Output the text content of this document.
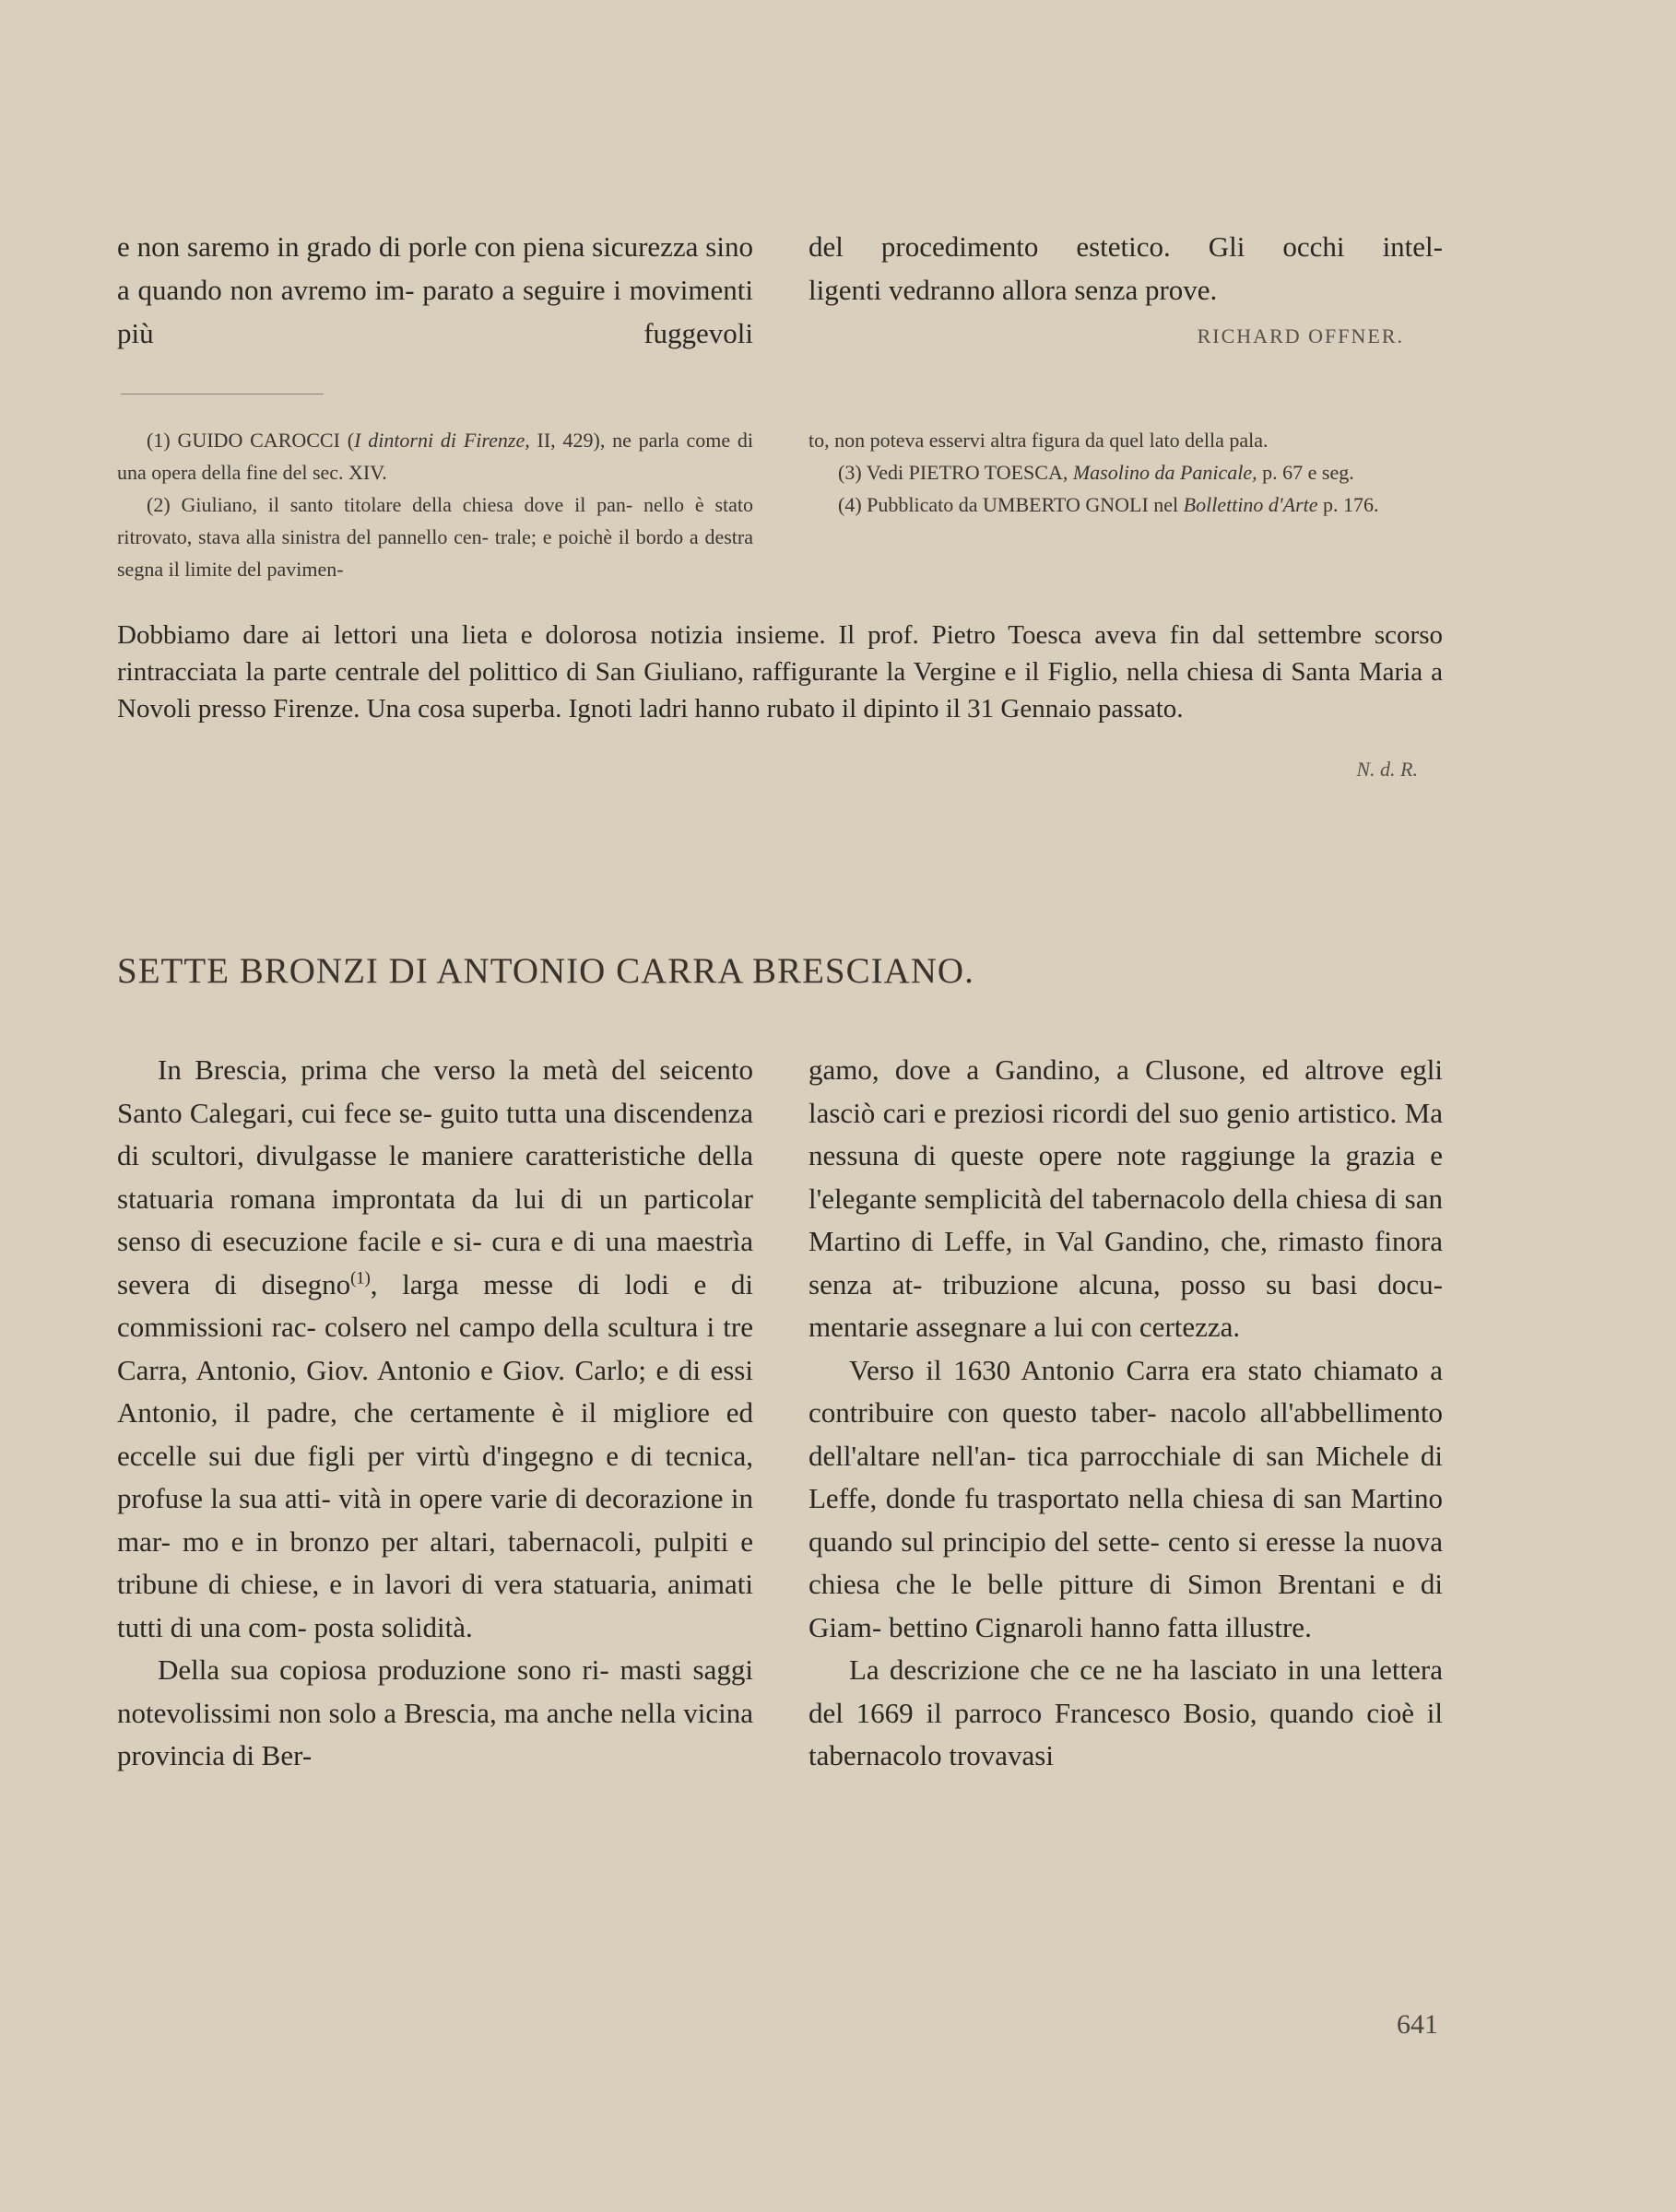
e non saremo in grado di porle con piena sicurezza sino a quando non avremo im- parato a seguire i movimenti più fuggevoli

del procedimento estetico. Gli occhi intel-

ligenti vedranno allora senza prove.

RICHARD OFFNER.

(1) GUIDO CAROCCI (I dintorni di Firenze, II, 429), ne parla come di una opera della fine del sec. XIV.

(2) Giuliano, il santo titolare della chiesa dove il pan- nello è stato ritrovato, stava alla sinistra del pannello cen- trale; e poichè il bordo a destra segna il limite del pavimen-

to, non poteva esservi altra figura da quel lato della pala.

(3) Vedi PIETRO TOESCA, Masolino da Panicale, p. 67 e seg.

(4) Pubblicato da UMBERTO GNOLI nel Bollettino d'Arte p. 176.

Dobbiamo dare ai lettori una lieta e dolorosa notizia insieme. Il prof. Pietro Toesca aveva fin dal settembre scorso rintracciata la parte centrale del polittico di San Giuliano, raffigurante la Vergine e il Figlio, nella chiesa di Santa Maria a Novoli presso Firenze. Una cosa superba. Ignoti ladri hanno rubato il dipinto il 31 Gennaio passato.
N. d. R.
SETTE BRONZI DI ANTONIO CARRA BRESCIANO.

In Brescia, prima che verso la metà del seicento Santo Calegari, cui fece se- guito tutta una discendenza di scultori, divulgasse le maniere caratteristiche della statuaria romana improntata da lui di un particolar senso di esecuzione facile e si- cura e di una maestrìa severa di disegno$^{(1)}$, larga messe di lodi e di commissioni rac- colsero nel campo della scultura i tre Carra, Antonio, Giov. Antonio e Giov. Carlo; e di essi Antonio, il padre, che certamente è il migliore ed eccelle sui due figli per virtù d'ingegno e di tecnica, profuse la sua atti- vità in opere varie di decorazione in mar- mo e in bronzo per altari, tabernacoli, pulpiti e tribune di chiese, e in lavori di vera statuaria, animati tutti di una com- posta solidità.

Della sua copiosa produzione sono ri- masti saggi notevolissimi non solo a Brescia, ma anche nella vicina provincia di Ber-

gamo, dove a Gandino, a Clusone, ed altrove egli lasciò cari e preziosi ricordi del suo genio artistico. Ma nessuna di queste opere note raggiunge la grazia e l'elegante semplicità del tabernacolo della chiesa di san Martino di Leffe, in Val Gandino, che, rimasto finora senza at- tribuzione alcuna, posso su basi docu- mentarie assegnare a lui con certezza.

Verso il 1630 Antonio Carra era stato chiamato a contribuire con questo taber- nacolo all'abbellimento dell'altare nell'an- tica parrocchiale di san Michele di Leffe, donde fu trasportato nella chiesa di san Martino quando sul principio del sette- cento si eresse la nuova chiesa che le belle pitture di Simon Brentani e di Giam- bettino Cignaroli hanno fatta illustre.

La descrizione che ce ne ha lasciato in una lettera del 1669 il parroco Francesco Bosio, quando cioè il tabernacolo trovavasi

641
